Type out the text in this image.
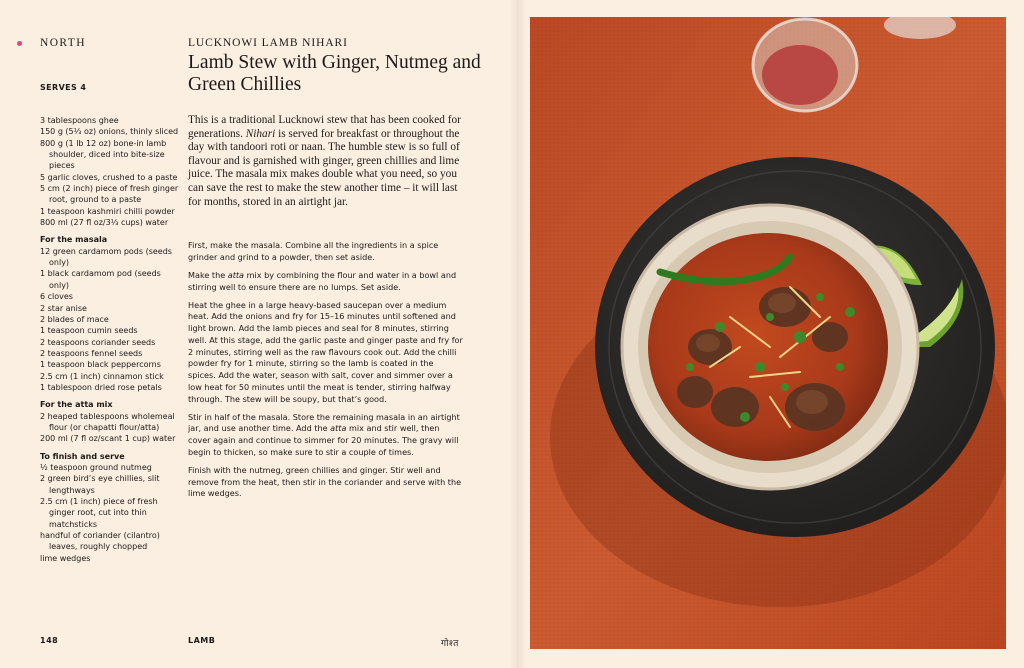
NORTH
SERVES 4
3 tablespoons ghee
150 g (5⅓ oz) onions, thinly sliced
800 g (1 lb 12 oz) bone-in lamb shoulder, diced into bite-size pieces
5 garlic cloves, crushed to a paste
5 cm (2 inch) piece of fresh ginger root, ground to a paste
1 teaspoon kashmiri chilli powder
800 ml (27 fl oz/3⅓ cups) water
For the masala
12 green cardamom pods (seeds only)
1 black cardamom pod (seeds only)
6 cloves
2 star anise
2 blades of mace
1 teaspoon cumin seeds
2 teaspoons coriander seeds
2 teaspoons fennel seeds
1 teaspoon black peppercorns
2.5 cm (1 inch) cinnamon stick
1 tablespoon dried rose petals
For the atta mix
2 heaped tablespoons wholemeal flour (or chapatti flour/atta)
200 ml (7 fl oz/scant 1 cup) water
To finish and serve
½ teaspoon ground nutmeg
2 green bird’s eye chillies, slit lengthways
2.5 cm (1 inch) piece of fresh ginger root, cut into thin matchsticks
handful of coriander (cilantro) leaves, roughly chopped
lime wedges
LUCKNOWI LAMB NIHARI
Lamb Stew with Ginger, Nutmeg and Green Chillies

This is a traditional Lucknowi stew that has been cooked for generations. Nihari is served for breakfast or throughout the day with tandoori roti or naan. The humble stew is so full of flavour and is garnished with ginger, green chillies and lime juice. The masala mix makes double what you need, so you can save the rest to make the stew another time – it will last for months, stored in an airtight jar.

First, make the masala. Combine all the ingredients in a spice grinder and grind to a powder, then set aside.

Make the atta mix by combining the flour and water in a bowl and stirring well to ensure there are no lumps. Set aside.

Heat the ghee in a large heavy-based saucepan over a medium heat. Add the onions and fry for 15–16 minutes until softened and light brown. Add the lamb pieces and seal for 8 minutes, stirring well. At this stage, add the garlic paste and ginger paste and fry for 2 minutes, stirring well as the raw flavours cook out. Add the chilli powder fry for 1 minute, stirring so the lamb is coated in the spices. Add the water, season with salt, cover and simmer over a low heat for 50 minutes until the meat is tender, stirring halfway through. The stew will be soupy, but that’s good.

Stir in half of the masala. Store the remaining masala in an airtight jar, and use another time. Add the atta mix and stir well, then cover again and continue to simmer for 20 minutes. The gravy will begin to thicken, so make sure to stir a couple of times.

Finish with the nutmeg, green chillies and ginger. Stir well and remove from the heat, then stir in the coriander and serve with the lime wedges.

148	LAMB	गोश्त
